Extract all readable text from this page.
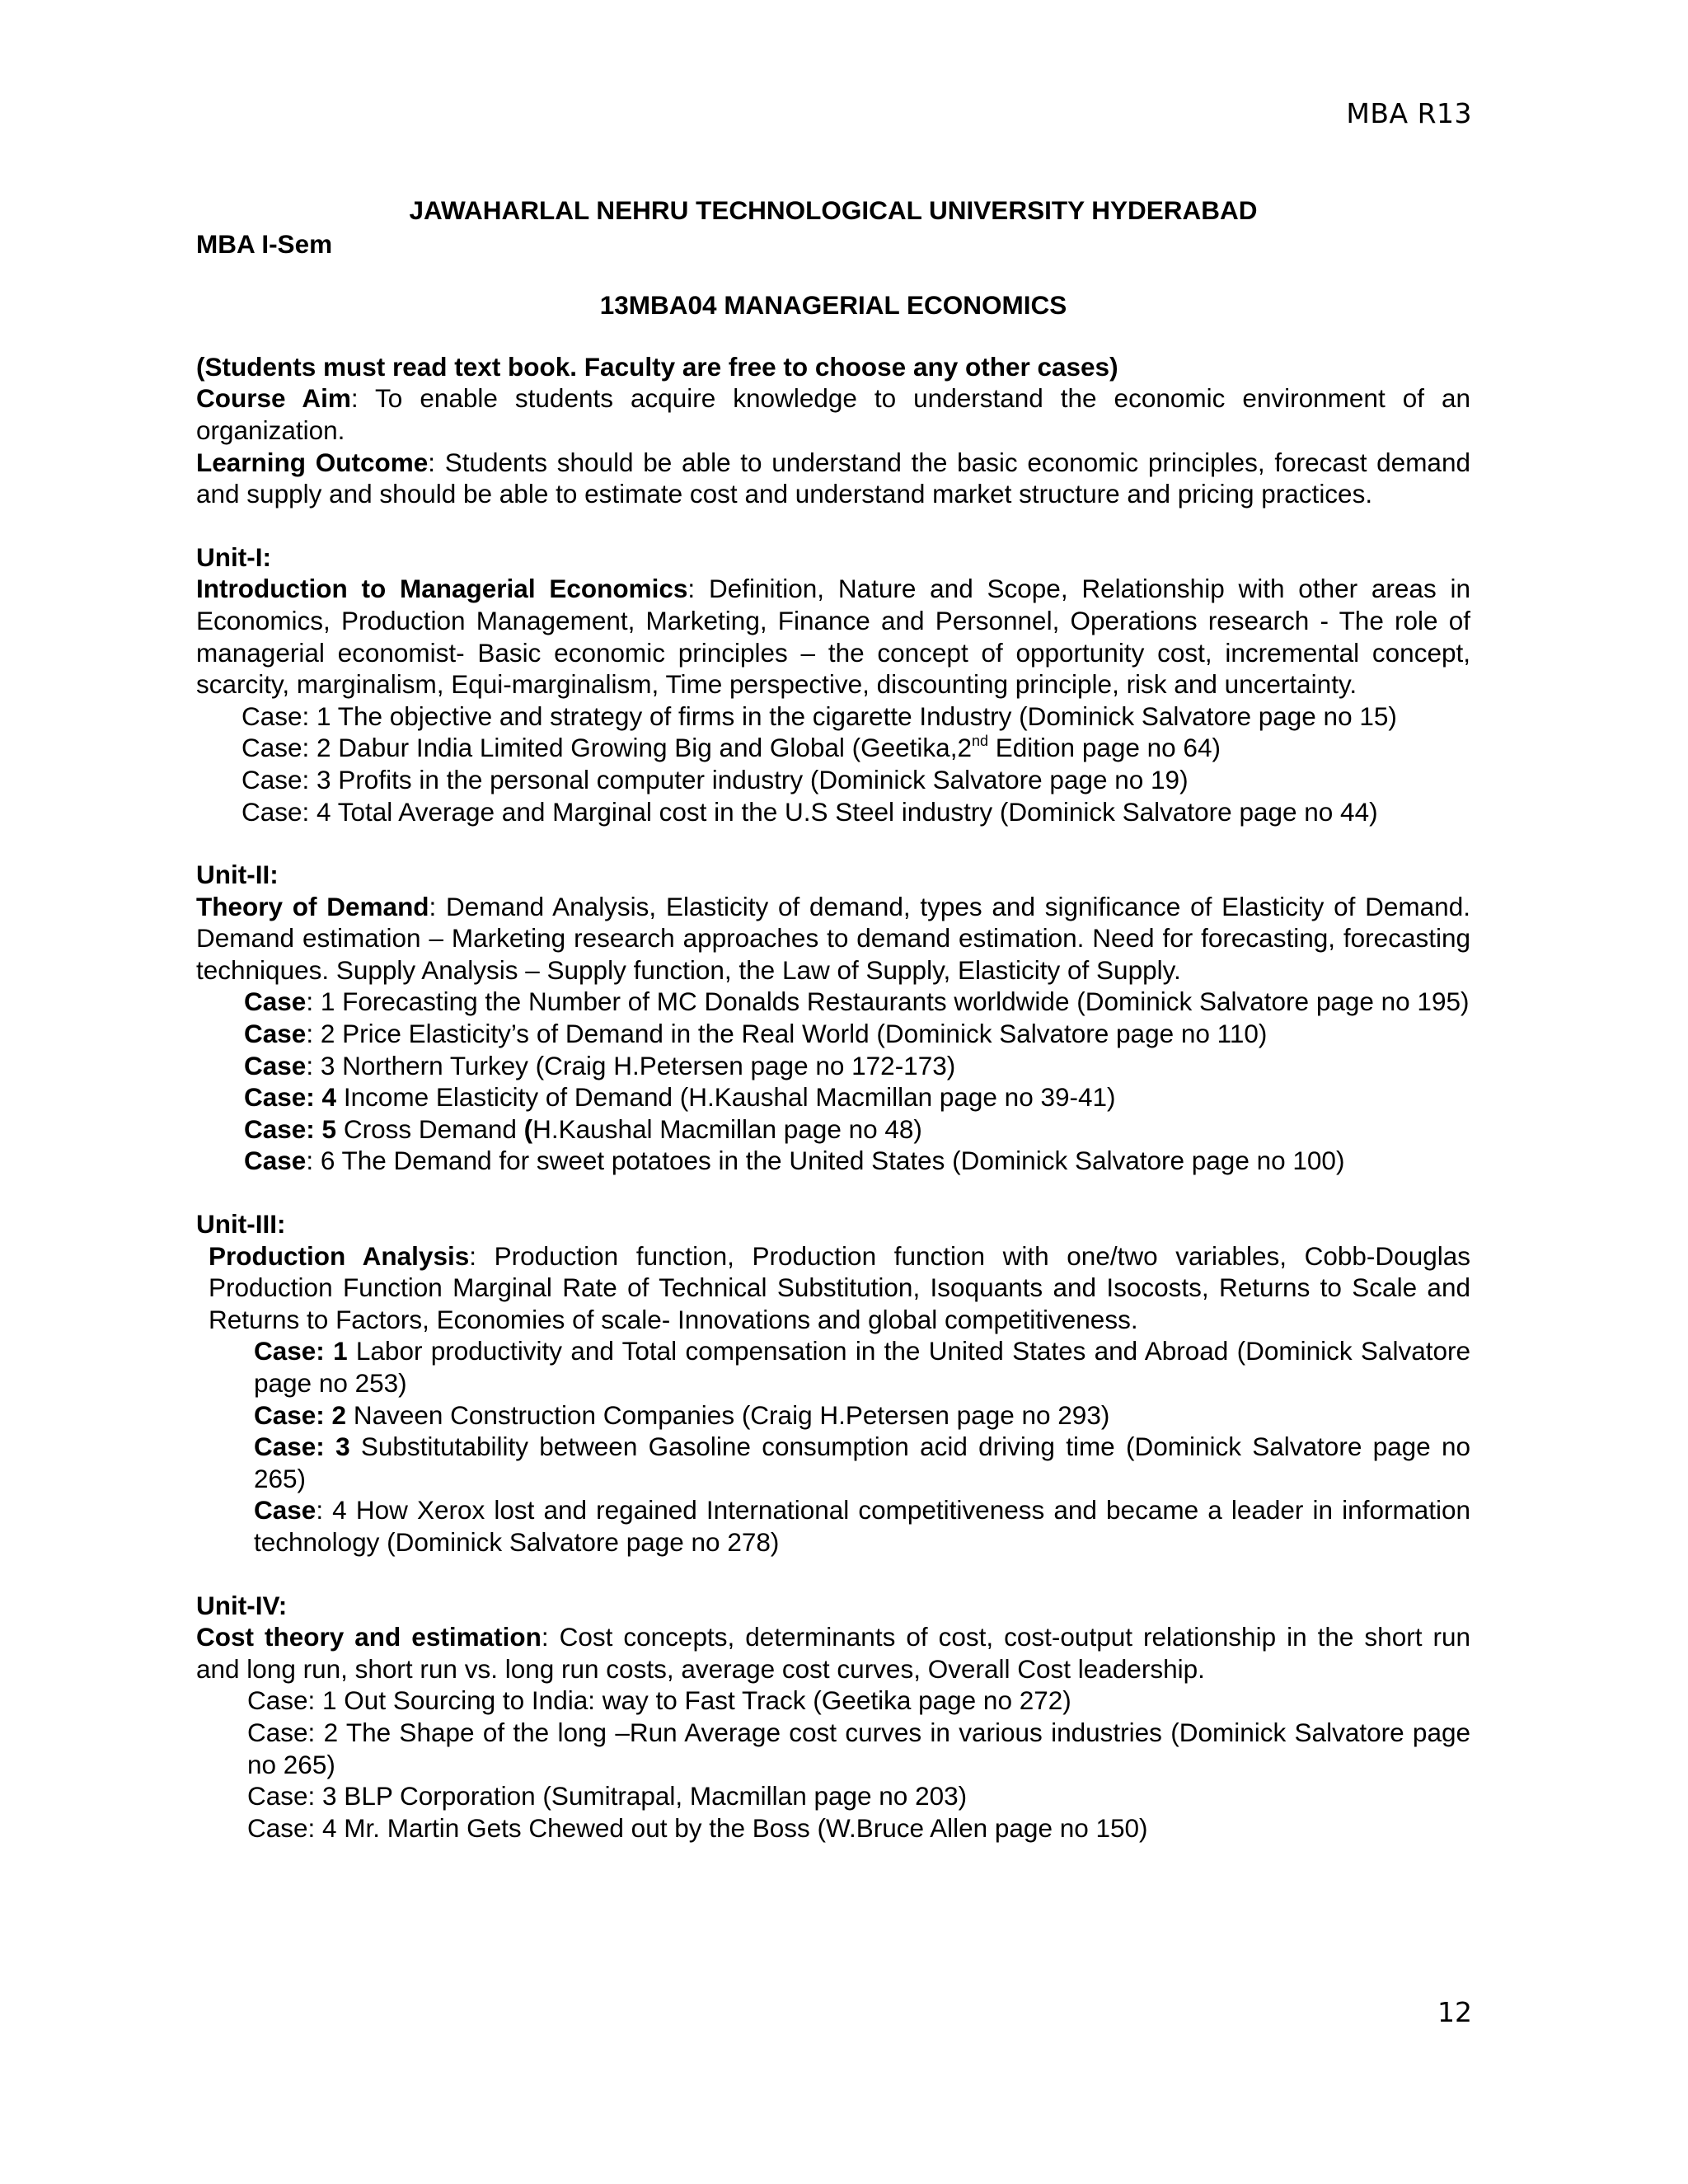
MBA R13
JAWAHARLAL NEHRU TECHNOLOGICAL UNIVERSITY HYDERABAD
MBA I-Sem
13MBA04 MANAGERIAL ECONOMICS
(Students must read text book. Faculty are free to choose any other cases)
Course Aim: To enable students acquire knowledge to understand the economic environment of an organization.
Learning Outcome: Students should be able to understand the basic economic principles, forecast demand and supply and should be able to estimate cost and understand market structure and pricing practices.
Unit-I:
Introduction to Managerial Economics: Definition, Nature and Scope, Relationship with other areas in Economics, Production Management, Marketing, Finance and Personnel, Operations research - The role of managerial economist- Basic economic principles – the concept of opportunity cost, incremental concept, scarcity, marginalism, Equi-marginalism, Time perspective, discounting principle, risk and uncertainty.
Case: 1 The objective and strategy of firms in the cigarette Industry (Dominick Salvatore page no 15)
Case: 2 Dabur India Limited Growing Big and Global (Geetika,2nd Edition page no 64)
Case: 3 Profits in the personal computer industry (Dominick Salvatore page no 19)
Case: 4 Total Average and Marginal cost in the U.S Steel industry (Dominick Salvatore page no 44)
Unit-II:
Theory of Demand: Demand Analysis, Elasticity of demand, types and significance of Elasticity of Demand. Demand estimation – Marketing research approaches to demand estimation. Need for forecasting, forecasting techniques. Supply Analysis – Supply function, the Law of Supply, Elasticity of Supply.
Case: 1 Forecasting the Number of MC Donalds Restaurants worldwide (Dominick Salvatore page no 195)
Case: 2 Price Elasticity’s of Demand in the Real World (Dominick Salvatore page no 110)
Case: 3 Northern Turkey (Craig H.Petersen page no 172-173)
Case: 4 Income Elasticity of Demand (H.Kaushal Macmillan page no 39-41)
Case: 5 Cross Demand (H.Kaushal Macmillan page no 48)
Case: 6 The Demand for sweet potatoes in the United States (Dominick Salvatore page no 100)
Unit-III:
Production Analysis: Production function, Production function with one/two variables, Cobb-Douglas Production Function Marginal Rate of Technical Substitution, Isoquants and Isocosts, Returns to Scale and Returns to Factors, Economies of scale- Innovations and global competitiveness.
Case: 1 Labor productivity and Total compensation in the United States and Abroad (Dominick Salvatore page no 253)
Case: 2 Naveen Construction Companies (Craig H.Petersen page no 293)
Case: 3 Substitutability between Gasoline consumption acid driving time (Dominick Salvatore page no 265)
Case: 4 How Xerox lost and regained International competitiveness and became a leader in information technology (Dominick Salvatore page no 278)
Unit-IV:
Cost theory and estimation: Cost concepts, determinants of cost, cost-output relationship in the short run and long run, short run vs. long run costs, average cost curves, Overall Cost leadership.
Case: 1 Out Sourcing to India: way to Fast Track (Geetika page no 272)
Case: 2 The Shape of the long –Run Average cost curves in various industries (Dominick Salvatore page no 265)
Case: 3 BLP Corporation (Sumitrapal, Macmillan page no 203)
Case: 4 Mr. Martin Gets Chewed out by the Boss (W.Bruce Allen page no 150)
12
